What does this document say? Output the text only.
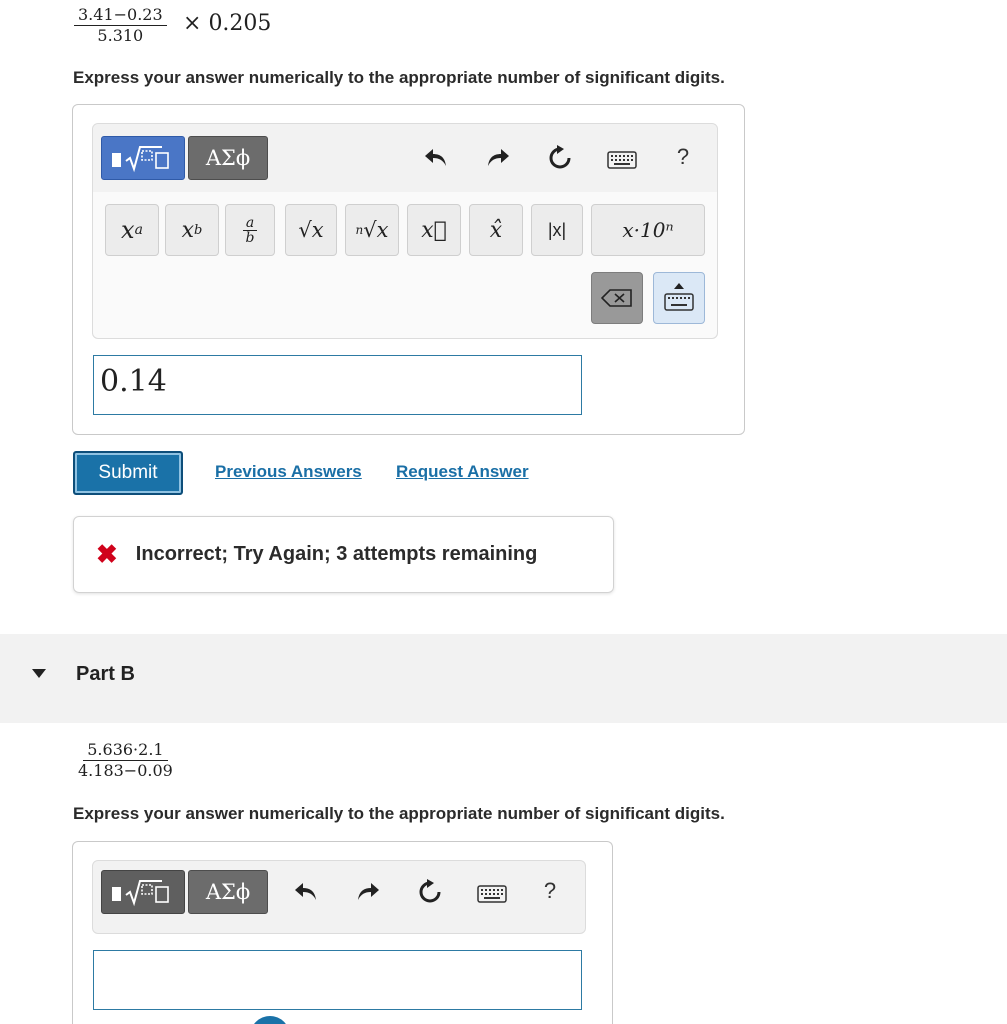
$\frac{3.41-0.23}{5.310} \times 0.205$
Express your answer numerically to the appropriate number of significant digits.
ΑΣϕ	?
x a	x b	a
b	√x	n √x	x⃗	x̂	|x|	x·10ⁿ
0.14
Submit	Previous Answers Request Answer
✖ Incorrect; Try Again; 3 attempts remaining
Part B
$\frac{5.636\cdot 2.1}{4.183-0.09}$
Express your answer numerically to the appropriate number of significant digits.
ΑΣϕ	?
